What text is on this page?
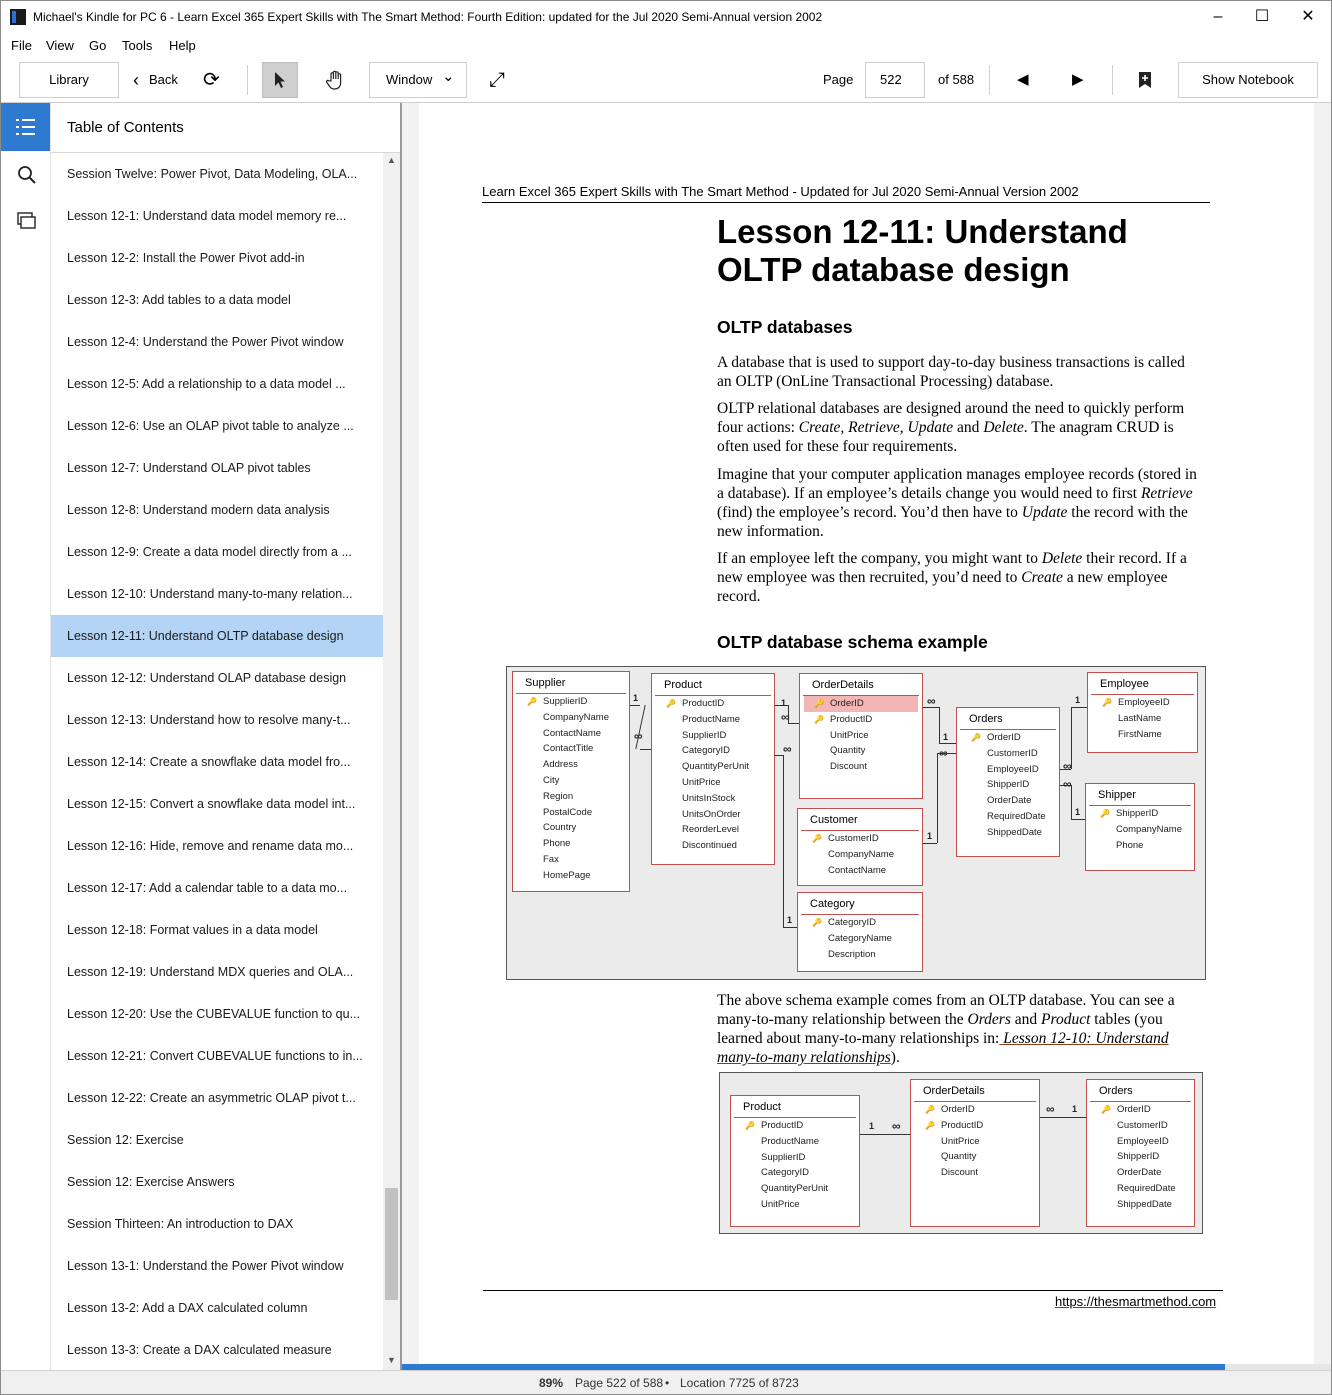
Michael's Kindle for PC 6 - Learn Excel 365 Expert Skills with The Smart Method: Fourth Edition: updated for the Jul 2020 Semi-Annual version 2002	–	☐	✕
File View Go Tools Help
Library	‹ Back ⟳	Window ⌄ ⤢	Page	522	of 588	◀	▶	Show Notebook
Table of Contents
Session Twelve: Power Pivot, Data Modeling, OLA...
Lesson 12-1: Understand data model memory re...
Lesson 12-2: Install the Power Pivot add-in
Lesson 12-3: Add tables to a data model
Lesson 12-4: Understand the Power Pivot window
Lesson 12-5: Add a relationship to a data model ...
Lesson 12-6: Use an OLAP pivot table to analyze ...
Lesson 12-7: Understand OLAP pivot tables
Lesson 12-8: Understand modern data analysis
Lesson 12-9: Create a data model directly from a ...
Lesson 12-10: Understand many-to-many relation...
Lesson 12-11: Understand OLTP database design
Lesson 12-12: Understand OLAP database design
Lesson 12-13: Understand how to resolve many-t...
Lesson 12-14: Create a snowflake data model fro...
Lesson 12-15: Convert a snowflake data model int...
Lesson 12-16: Hide, remove and rename data mo...
Lesson 12-17: Add a calendar table to a data mo...
Lesson 12-18: Format values in a data model
Lesson 12-19: Understand MDX queries and OLA...
Lesson 12-20: Use the CUBEVALUE function to qu...
Lesson 12-21: Convert CUBEVALUE functions to in...
Lesson 12-22: Create an asymmetric OLAP pivot t...
Session 12: Exercise
Session 12: Exercise Answers
Session Thirteen: An introduction to DAX
Lesson 13-1: Understand the Power Pivot window
Lesson 13-2: Add a DAX calculated column
Lesson 13-3: Create a DAX calculated measure
▲
▼
Learn Excel 365 Expert Skills with The Smart Method - Updated for Jul 2020 Semi-Annual Version 2002
Lesson 12-11: Understand OLTP database design
OLTP databases
A database that is used to support day-to-day business transactions is called an OLTP (OnLine Transactional Processing) database.
OLTP relational databases are designed around the need to quickly perform four actions: Create, Retrieve, Update and Delete. The anagram CRUD is often used for these four requirements.
Imagine that your computer application manages employee records (stored in a database). If an employee’s details change you would need to first Retrieve (find) the employee’s record. You’d then have to Update the record with the new information.
If an employee left the company, you might want to Delete their record. If a new employee was then recruited, you’d need to Create a new employee record.
OLTP database schema example
Supplier
🔑 SupplierID
CompanyName
ContactName
ContactTitle
Address
City
Region
PostalCode
Country
Phone
Fax
HomePage
Product
🔑 ProductID
ProductName
SupplierID
CategoryID
QuantityPerUnit
UnitPrice
UnitsInStock
UnitsOnOrder
ReorderLevel
Discontinued
OrderDetails
🔑 OrderID
🔑 ProductID
UnitPrice
Quantity
Discount
Orders
🔑 OrderID
CustomerID
EmployeeID
ShipperID
OrderDate
RequiredDate
ShippedDate
Employee
🔑 EmployeeID
LastName
FirstName
Shipper
🔑 ShipperID
CompanyName
Phone
Customer
🔑 CustomerID
CompanyName
ContactName
Category
🔑 CategoryID
CategoryName
Description
1
∞
1
∞
∞
1
∞
1
1
∞
1
∞
∞
1
The above schema example comes from an OLTP database. You can see a many-to-many relationship between the Orders and Product tables (you learned about many-to-many relationships in: Lesson 12-10: Understand many-to-many relationships).
Product
🔑 ProductID
ProductName
SupplierID
CategoryID
QuantityPerUnit
UnitPrice
OrderDetails
🔑 OrderID
🔑 ProductID
UnitPrice
Quantity
Discount
Orders
🔑 OrderID
CustomerID
EmployeeID
ShipperID
OrderDate
RequiredDate
ShippedDate
1 ∞
∞ 1
https://thesmartmethod.com
89% Page 522 of 588 • Location 7725 of 8723
